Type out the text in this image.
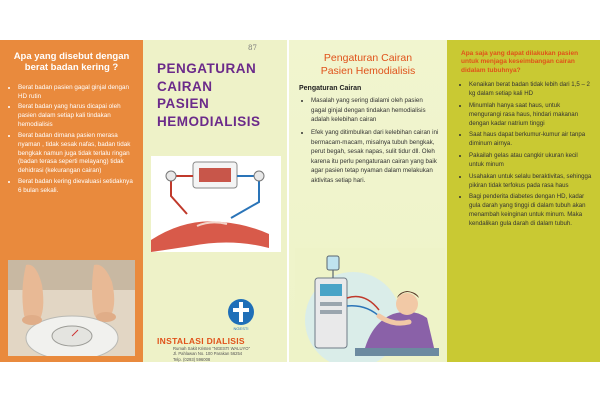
Apa yang disebut dengan berat badan kering ?
• Berat badan pasien gagal ginjal dengan HD rutin
• Berat badan yang harus dicapai oleh pasien dalam setiap kali tindakan hemodialisis
• Berat badan dimana pasien merasa nyaman , tidak sesak nafas, badan tidak bengkak namun juga tidak terlalu ringan (badan terasa seperti melayang) tidak dehidrasi (kekurangan cairan)
• Berat badan kering dievaluasi setidaknya 6 bulan sekali.
PENGATURAN
CAIRAN
PASIEN
HEMODIALISIS
NGESTI
INSTALASI DIALISIS
Rumah Sakit Kristen "NGESTI WALUYO"
Jl. Pahlawan No. 100 Parakan 56254
Telp. (0293) 596008
87
Pengaturan Cairan
Pasien Hemodialisis
Pengaturan Cairan
• Masalah yang sering dialami oleh pasien gagal ginjal dengan tindakan hemodialisis adalah kelebihan cairan
• Efek yang ditimbulkan dari kelebihan cairan ini bermacam-macam, misalnya tubuh bengkak, perut begah, sesak napas, sulit tidur dll. Oleh karena itu perlu pengaturaan cairan yang baik agar pasien tetap nyaman dalam melakukan aktivitas setiap hari.
Apa saja yang dapat dilakukan pasien untuk menjaga keseimbangan cairan didalam tubuhnya?
• Kenaikan berat badan tidak lebih dari 1,5 – 2 kg dalam setiap kali HD
• Minumlah hanya saat haus, untuk mengurangi rasa haus, hindari makanan dengan kadar natrium tinggi
• Saat haus dapat berkumur-kumur air tanpa diminum airnya.
• Pakailah gelas atau cangkir ukuran kecil untuk minum
• Usahakan untuk selalu beraktivitas, sehingga pikiran tidak terfokus pada rasa haus
• Bagi penderita diabetes dengan HD, kadar gula darah yang tinggi di dalam tubuh akan menambah keinginan untuk minum. Maka kendalikan gula darah di dalam tubuh.
